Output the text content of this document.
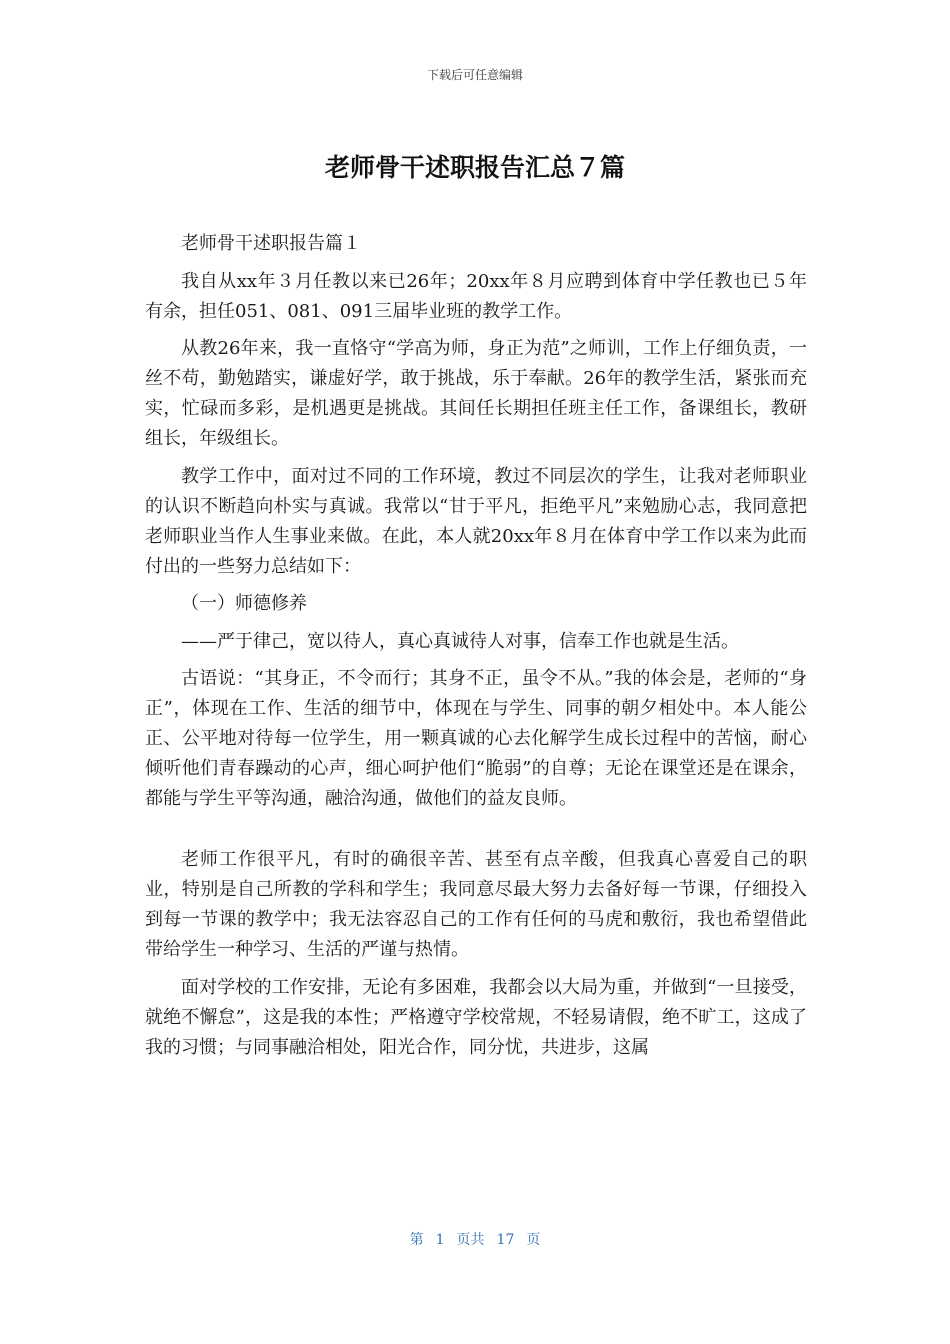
下载后可任意编辑
老师骨干述职报告汇总７篇

老师骨干述职报告篇１

我自从xx年３月任教以来已26年；20xx年８月应聘到体育中学任教也已５年有余，担任051、081、091三届毕业班的教学工作。

从教26年来，我一直恪守“学高为师，身正为范”之师训，工作上仔细负责，一丝不苟，勤勉踏实，谦虚好学，敢于挑战，乐于奉献。26年的教学生活，紧张而充实，忙碌而多彩，是机遇更是挑战。其间任长期担任班主任工作，备课组长，教研组长，年级组长。

教学工作中，面对过不同的工作环境，教过不同层次的学生，让我对老师职业的认识不断趋向朴实与真诚。我常以“甘于平凡，拒绝平凡”来勉励心志，我同意把老师职业当作人生事业来做。在此，本人就20xx年８月在体育中学工作以来为此而付出的一些努力总结如下：

（一）师德修养

——严于律己，宽以待人，真心真诚待人对事，信奉工作也就是生活。

古语说：“其身正，不令而行；其身不正，虽令不从。”我的体会是，老师的“身正”，体现在工作、生活的细节中，体现在与学生、同事的朝夕相处中。本人能公正、公平地对待每一位学生，用一颗真诚的心去化解学生成长过程中的苦恼，耐心倾听他们青春躁动的心声，细心呵护他们“脆弱”的自尊；无论在课堂还是在课余，都能与学生平等沟通，融洽沟通，做他们的益友良师。

老师工作很平凡，有时的确很辛苦、甚至有点辛酸，但我真心喜爱自己的职业，特别是自己所教的学科和学生；我同意尽最大努力去备好每一节课，仔细投入到每一节课的教学中；我无法容忍自己的工作有任何的马虎和敷衍，我也希望借此带给学生一种学习、生活的严谨与热情。

面对学校的工作安排，无论有多困难，我都会以大局为重，并做到“一旦接受，就绝不懈怠”，这是我的本性；严格遵守学校常规，不轻易请假，绝不旷工，这成了我的习惯；与同事融洽相处，阳光合作，同分忧，共进步，这属

第 1 页共 17 页
